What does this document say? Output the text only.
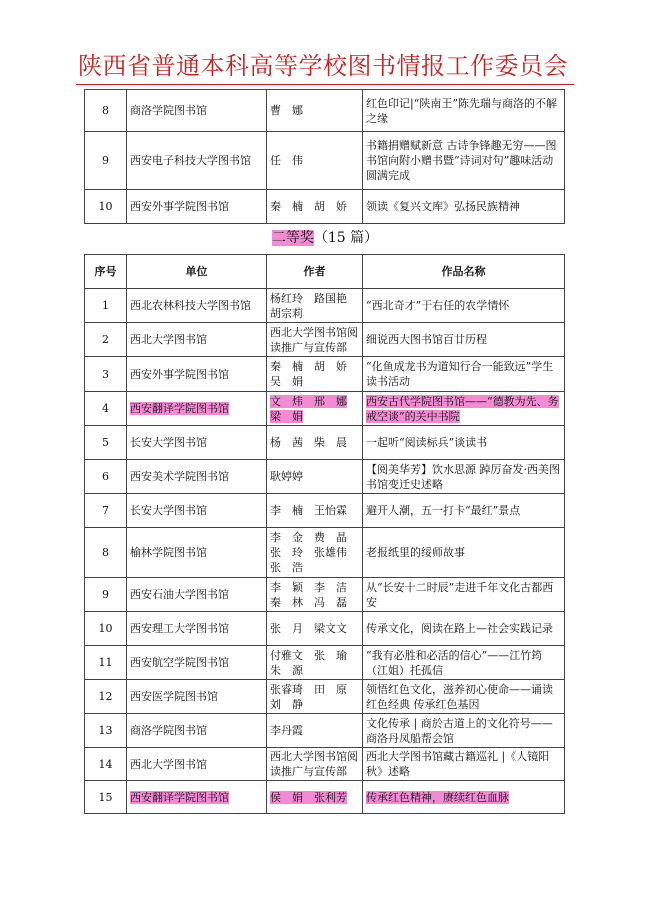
陕西省普通本科高等学校图书情报工作委员会
8	商洛学院图书馆	曹　娜	红色印记|“陕南王”陈先瑞与商洛的不解之缘
9	西安电子科技大学图书馆	任　伟	书籍捐赠赋新意 古诗争锋趣无穷——图书馆向附小赠书暨“诗词对句”趣味活动圆满完成
10	西安外事学院图书馆	秦　楠　胡　娇	领读《复兴文库》弘扬民族精神
二等奖（15 篇）
序号	单位	作者	作品名称
1	西北农林科技大学图书馆	杨红玲　路国艳 胡宗莉	“西北奇才”于右任的农学情怀
2	西北大学图书馆	西北大学图书馆阅读推广与宣传部	细说西大图书馆百廿历程
3	西安外事学院图书馆	秦　楠　胡　娇 吴　娟	“化鱼成龙书为道知行合一能致远”学生读书活动
4	西安翻译学院图书馆	文　炜　邢　娜 梁　娟	西安古代学院图书馆——“德教为先、务戒空谈”的关中书院
5	长安大学图书馆	杨　茜　柴　晨	一起听“阅读标兵”谈读书
6	西安美术学院图书馆	耿婷婷	【阅美华芳】饮水思源 踔厉奋发·西美图书馆变迁史述略
7	长安大学图书馆	李　楠　王怡霖	避开人潮，五一打卡“最红”景点
8	榆林学院图书馆	李　金　费　晶 张　玲　张雄伟 张　浩	老报纸里的绥师故事
9	西安石油大学图书馆	李　颖　李　洁 秦　林　冯　磊	从“长安十二时辰”走进千年文化古都西安
10	西安理工大学图书馆	张　月　梁文文	传承文化，阅读在路上—社会实践记录
11	西安航空学院图书馆	付雅文　张　瑜 朱　源	“我有必胜和必活的信心”——江竹筠（江姐）托孤信
12	西安医学院图书馆	张睿琦　田　原 刘　静	领悟红色文化，滋养初心使命——诵读红色经典 传承红色基因
13	商洛学院图书馆	李丹霞	文化传承 | 商於古道上的文化符号——商洛丹凤船帮会馆
14	西北大学图书馆	西北大学图书馆阅读推广与宣传部	西北大学图书馆藏古籍巡礼 |《人镜阳秋》述略
15	西安翻译学院图书馆	侯　娟　张利芳	传承红色精神，赓续红色血脉
